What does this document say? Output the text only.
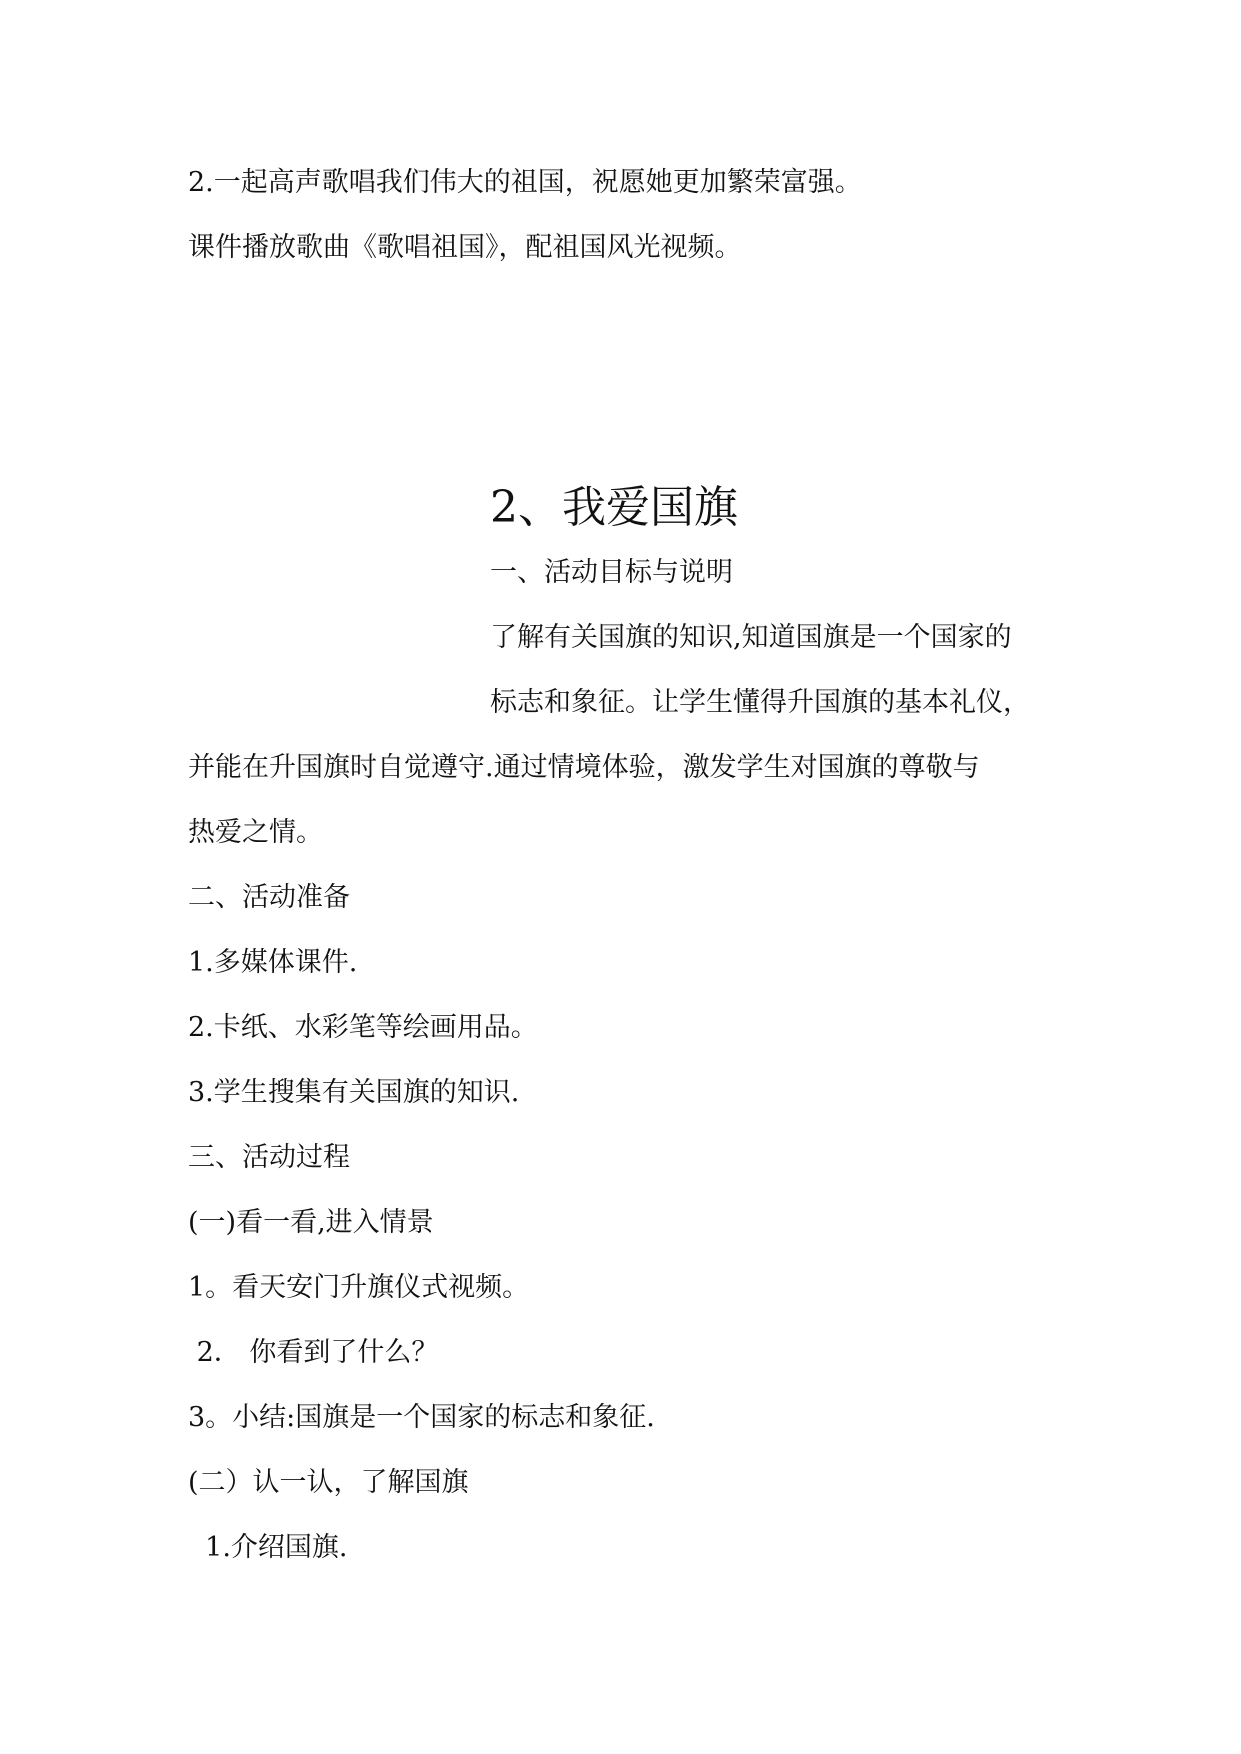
2.一起高声歌唱我们伟大的祖国，祝愿她更加繁荣富强。

课件播放歌曲《歌唱祖国》，配祖国风光视频。

2、我爱国旗

一、活动目标与说明

了解有关国旗的知识,知道国旗是一个国家的

标志和象征。让学生懂得升国旗的基本礼仪，

并能在升国旗时自觉遵守.通过情境体验，激发学生对国旗的尊敬与

热爱之情。

二、活动准备

1.多媒体课件.

2.卡纸、水彩笔等绘画用品。

3.学生搜集有关国旗的知识.

三、活动过程

(一)看一看,进入情景

1。看天安门升旗仪式视频。

2． 你看到了什么？

3。小结:国旗是一个国家的标志和象征.

(二）认一认，了解国旗

1.介绍国旗.
